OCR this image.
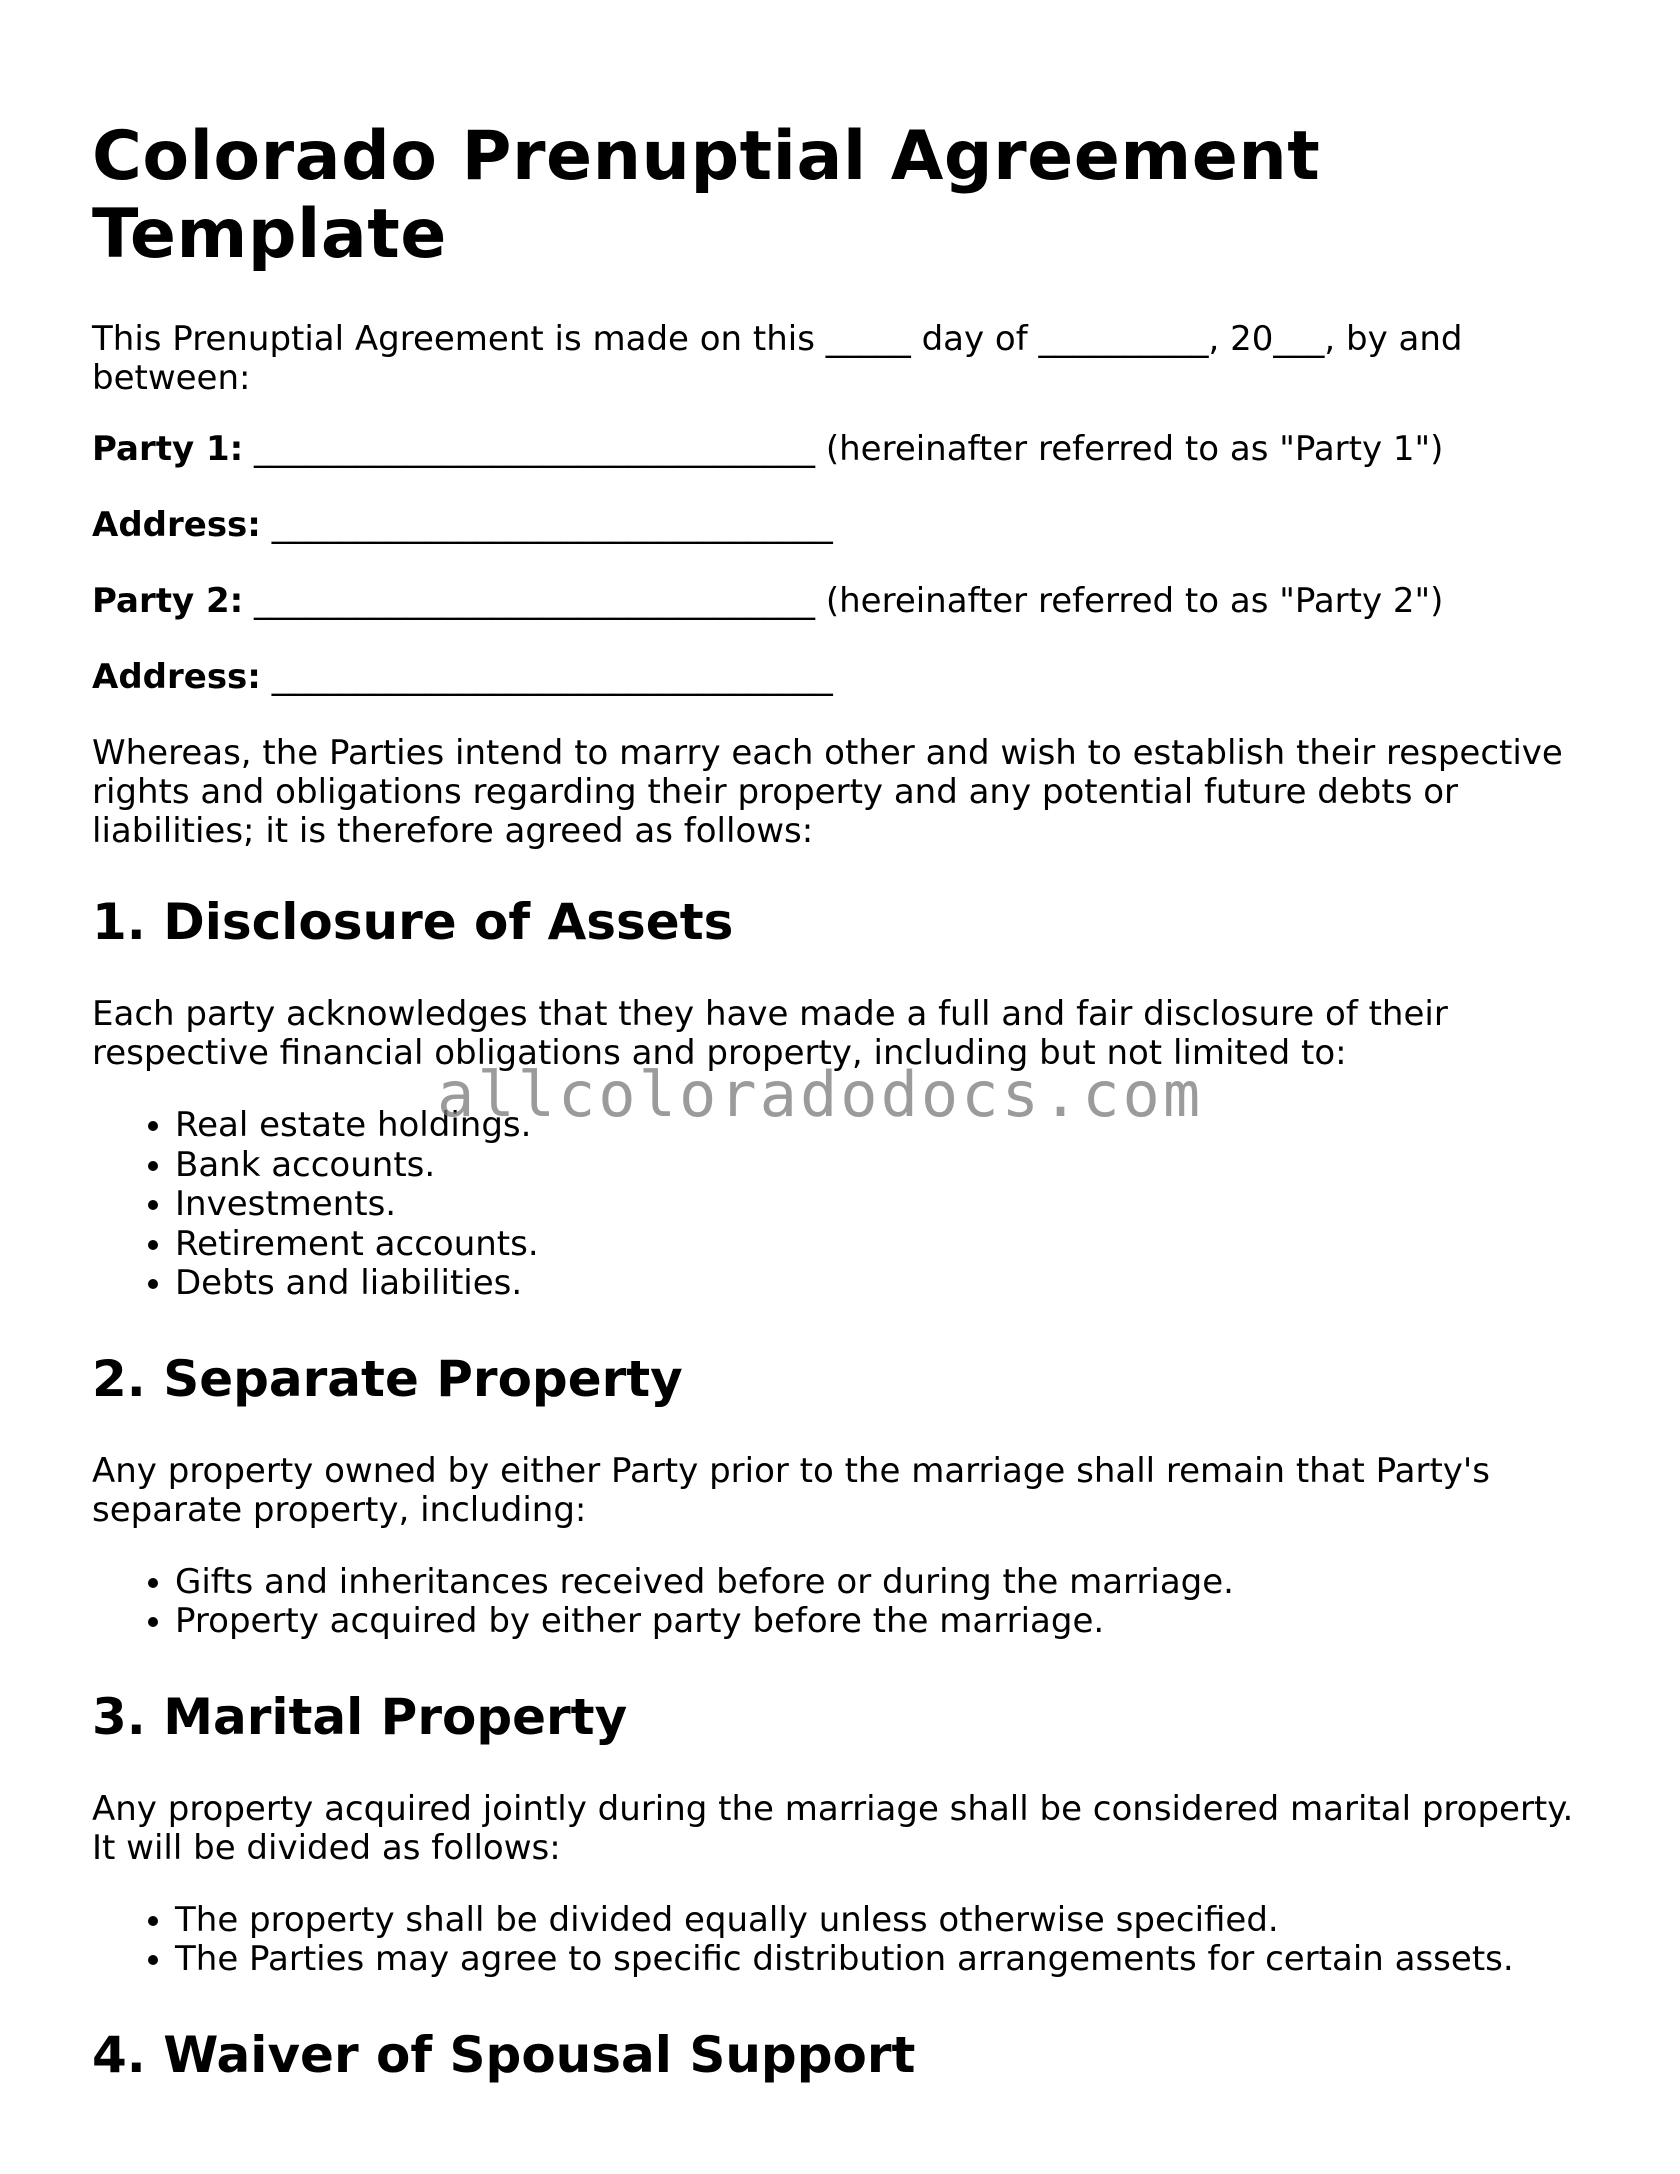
Colorado Prenuptial Agreement Template

This Prenuptial Agreement is made on this _____ day of __________, 20___, by and between:

Party 1: _________________________________ (hereinafter referred to as "Party 1")

Address: _________________________________

Party 2: _________________________________ (hereinafter referred to as "Party 2")

Address: _________________________________

Whereas, the Parties intend to marry each other and wish to establish their respective rights and obligations regarding their property and any potential future debts or liabilities; it is therefore agreed as follows:

1. Disclosure of Assets

Each party acknowledges that they have made a full and fair disclosure of their respective financial obligations and property, including but not limited to:

• Real estate holdings.
• Bank accounts.
• Investments.
• Retirement accounts.
• Debts and liabilities.
2. Separate Property

Any property owned by either Party prior to the marriage shall remain that Party's separate property, including:

• Gifts and inheritances received before or during the marriage.
• Property acquired by either party before the marriage.
3. Marital Property

Any property acquired jointly during the marriage shall be considered marital property. It will be divided as follows:

• The property shall be divided equally unless otherwise specified.
• The Parties may agree to specific distribution arrangements for certain assets.
4. Waiver of Spousal Support
allcoloradodocs.com
